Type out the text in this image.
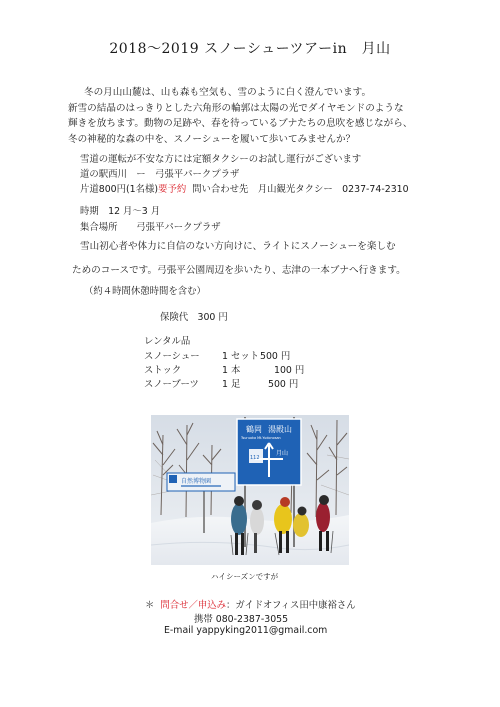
2018〜2019 スノーシューツアーin　月山
冬の月山山麓は、山も森も空気も、雪のように白く澄んでいます。
新雪の結晶のはっきりとした六角形の輪郭は太陽の光でダイヤモンドのような
輝きを放ちます。動物の足跡や、春を待っているブナたちの息吹を感じながら、
冬の神秘的な森の中を、スノーシューを履いて歩いてみませんか？
雪道の運転が不安な方には定額タクシーのお試し運行がございます
道の駅西川　ー　弓張平パークプラザ
片道800円(1名様)要予約 問い合わせ先　月山観光タクシー　0237-74-2310
時期　12 月〜3 月
集合場所　　弓張平パークプラザ
雪山初心者や体力に自信のない方向けに、ライトにスノーシューを楽しむ
ためのコースです。弓張平公園周辺を歩いたり、志津の一本ブナへ行きます。
（約４時間休憩時間を含む）
保険代　300 円
レンタル品
スノーシュー	1 セット	500 円
ストック	1 本	100 円
スノーブーツ	1 足	500 円
鶴岡 湯殿山
Tsuruoka Mt.Yudonosan
112
月山
自然博物園
ハイシーズンですが
＊ 問合せ／申込み：ガイドオフィス田中康裕さん
携帯 080-2387-3055
E-mail yappyking2011@gmail.com
